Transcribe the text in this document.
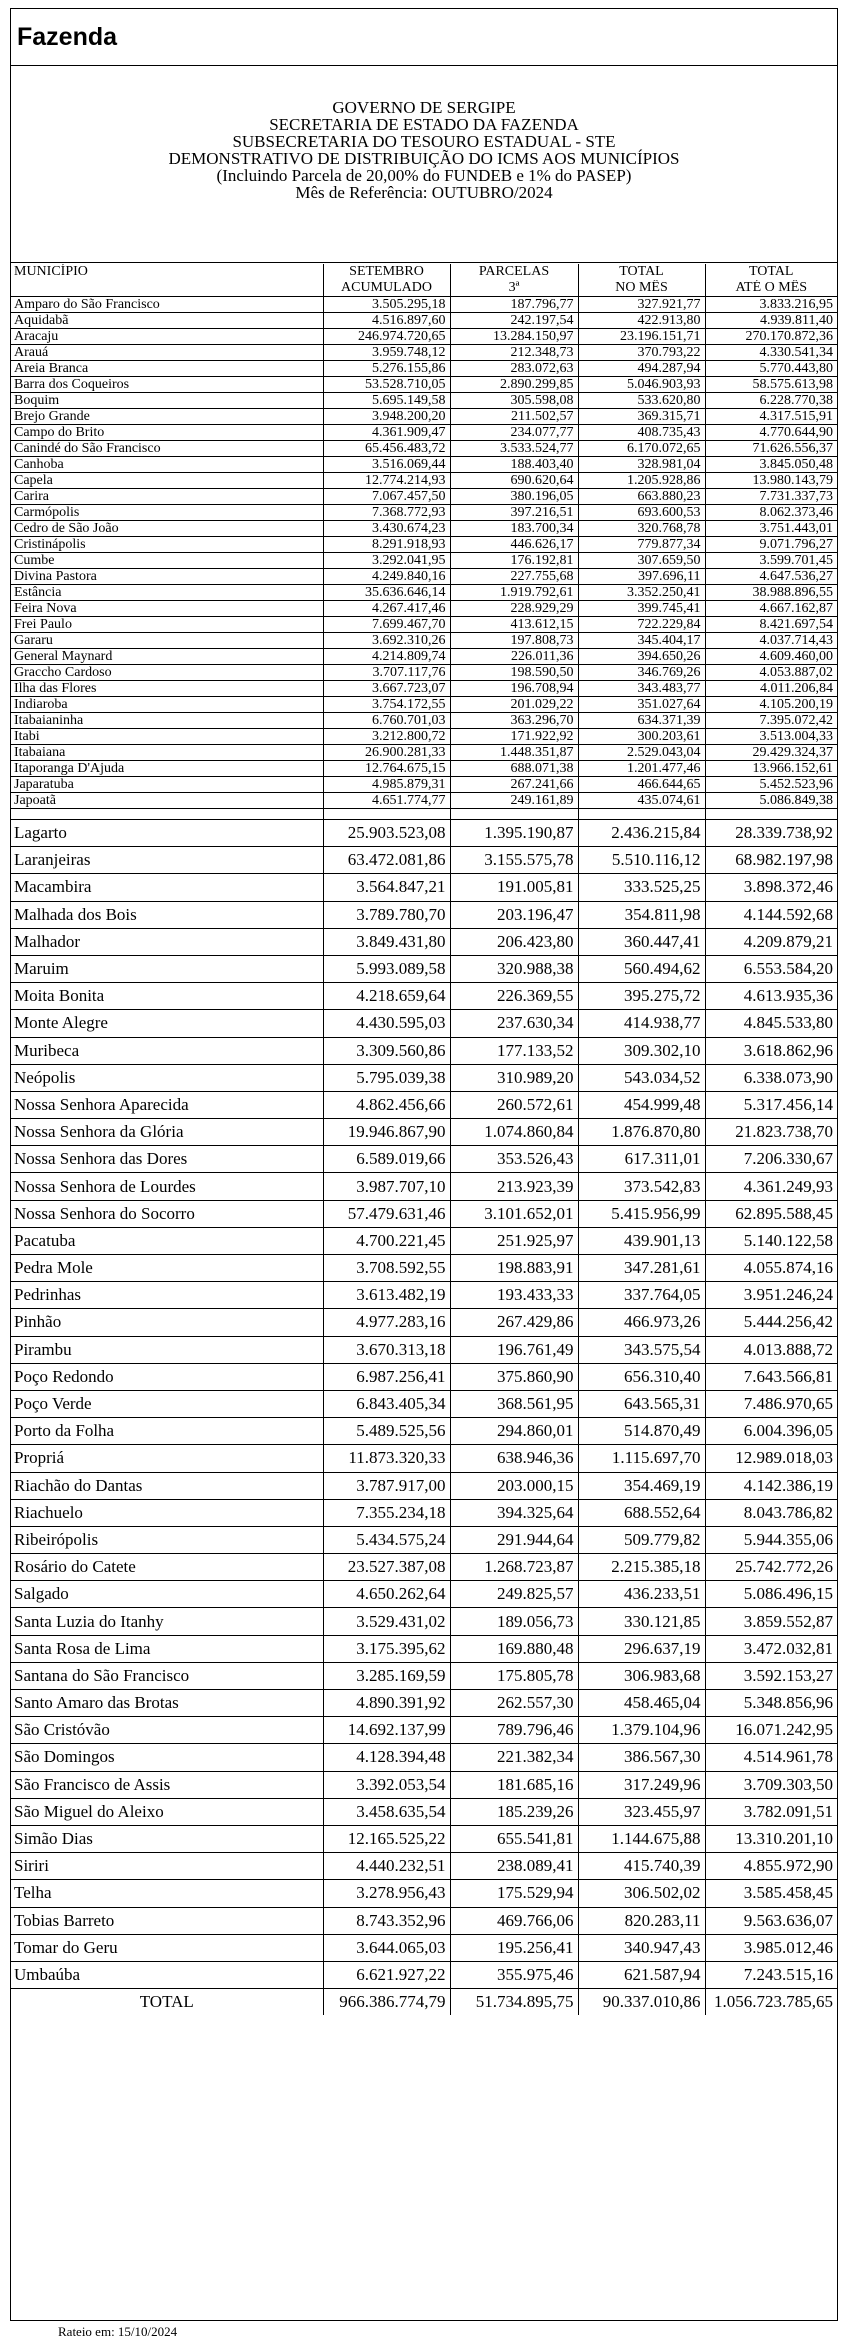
Fazenda
GOVERNO DE SERGIPE
SECRETARIA DE ESTADO DA FAZENDA
SUBSECRETARIA DO TESOURO ESTADUAL - STE
DEMONSTRATIVO DE DISTRIBUIÇÃO DO ICMS AOS MUNICÍPIOS
(Incluindo Parcela de 20,00% do FUNDEB e 1% do PASEP)
Mês de Referência: OUTUBRO/2024
MUNICÍPIO	SETEMBRO	PARCELAS	TOTAL	TOTAL
	ACUMULADO	3ª	NO MÊS	ATÉ O MÊS
Amparo do São Francisco	3.505.295,18	187.796,77	327.921,77	3.833.216,95
Aquidabã	4.516.897,60	242.197,54	422.913,80	4.939.811,40
Aracaju	246.974.720,65	13.284.150,97	23.196.151,71	270.170.872,36
Arauá	3.959.748,12	212.348,73	370.793,22	4.330.541,34
Areia Branca	5.276.155,86	283.072,63	494.287,94	5.770.443,80
Barra dos Coqueiros	53.528.710,05	2.890.299,85	5.046.903,93	58.575.613,98
Boquim	5.695.149,58	305.598,08	533.620,80	6.228.770,38
Brejo Grande	3.948.200,20	211.502,57	369.315,71	4.317.515,91
Campo do Brito	4.361.909,47	234.077,77	408.735,43	4.770.644,90
Canindé do São Francisco	65.456.483,72	3.533.524,77	6.170.072,65	71.626.556,37
Canhoba	3.516.069,44	188.403,40	328.981,04	3.845.050,48
Capela	12.774.214,93	690.620,64	1.205.928,86	13.980.143,79
Carira	7.067.457,50	380.196,05	663.880,23	7.731.337,73
Carmópolis	7.368.772,93	397.216,51	693.600,53	8.062.373,46
Cedro de São João	3.430.674,23	183.700,34	320.768,78	3.751.443,01
Cristinápolis	8.291.918,93	446.626,17	779.877,34	9.071.796,27
Cumbe	3.292.041,95	176.192,81	307.659,50	3.599.701,45
Divina Pastora	4.249.840,16	227.755,68	397.696,11	4.647.536,27
Estância	35.636.646,14	1.919.792,61	3.352.250,41	38.988.896,55
Feira Nova	4.267.417,46	228.929,29	399.745,41	4.667.162,87
Frei Paulo	7.699.467,70	413.612,15	722.229,84	8.421.697,54
Gararu	3.692.310,26	197.808,73	345.404,17	4.037.714,43
General Maynard	4.214.809,74	226.011,36	394.650,26	4.609.460,00
Graccho Cardoso	3.707.117,76	198.590,50	346.769,26	4.053.887,02
Ilha das Flores	3.667.723,07	196.708,94	343.483,77	4.011.206,84
Indiaroba	3.754.172,55	201.029,22	351.027,64	4.105.200,19
Itabaianinha	6.760.701,03	363.296,70	634.371,39	7.395.072,42
Itabi	3.212.800,72	171.922,92	300.203,61	3.513.004,33
Itabaiana	26.900.281,33	1.448.351,87	2.529.043,04	29.429.324,37
Itaporanga D'Ajuda	12.764.675,15	688.071,38	1.201.477,46	13.966.152,61
Japaratuba	4.985.879,31	267.241,66	466.644,65	5.452.523,96
Japoatã	4.651.774,77	249.161,89	435.074,61	5.086.849,38

Lagarto	25.903.523,08	1.395.190,87	2.436.215,84	28.339.738,92
Laranjeiras	63.472.081,86	3.155.575,78	5.510.116,12	68.982.197,98
Macambira	3.564.847,21	191.005,81	333.525,25	3.898.372,46
Malhada dos Bois	3.789.780,70	203.196,47	354.811,98	4.144.592,68
Malhador	3.849.431,80	206.423,80	360.447,41	4.209.879,21
Maruim	5.993.089,58	320.988,38	560.494,62	6.553.584,20
Moita Bonita	4.218.659,64	226.369,55	395.275,72	4.613.935,36
Monte Alegre	4.430.595,03	237.630,34	414.938,77	4.845.533,80
Muribeca	3.309.560,86	177.133,52	309.302,10	3.618.862,96
Neópolis	5.795.039,38	310.989,20	543.034,52	6.338.073,90
Nossa Senhora Aparecida	4.862.456,66	260.572,61	454.999,48	5.317.456,14
Nossa Senhora da Glória	19.946.867,90	1.074.860,84	1.876.870,80	21.823.738,70
Nossa Senhora das Dores	6.589.019,66	353.526,43	617.311,01	7.206.330,67
Nossa Senhora de Lourdes	3.987.707,10	213.923,39	373.542,83	4.361.249,93
Nossa Senhora do Socorro	57.479.631,46	3.101.652,01	5.415.956,99	62.895.588,45
Pacatuba	4.700.221,45	251.925,97	439.901,13	5.140.122,58
Pedra Mole	3.708.592,55	198.883,91	347.281,61	4.055.874,16
Pedrinhas	3.613.482,19	193.433,33	337.764,05	3.951.246,24
Pinhão	4.977.283,16	267.429,86	466.973,26	5.444.256,42
Pirambu	3.670.313,18	196.761,49	343.575,54	4.013.888,72
Poço Redondo	6.987.256,41	375.860,90	656.310,40	7.643.566,81
Poço Verde	6.843.405,34	368.561,95	643.565,31	7.486.970,65
Porto da Folha	5.489.525,56	294.860,01	514.870,49	6.004.396,05
Propriá	11.873.320,33	638.946,36	1.115.697,70	12.989.018,03
Riachão do Dantas	3.787.917,00	203.000,15	354.469,19	4.142.386,19
Riachuelo	7.355.234,18	394.325,64	688.552,64	8.043.786,82
Ribeirópolis	5.434.575,24	291.944,64	509.779,82	5.944.355,06
Rosário do Catete	23.527.387,08	1.268.723,87	2.215.385,18	25.742.772,26
Salgado	4.650.262,64	249.825,57	436.233,51	5.086.496,15
Santa Luzia do Itanhy	3.529.431,02	189.056,73	330.121,85	3.859.552,87
Santa Rosa de Lima	3.175.395,62	169.880,48	296.637,19	3.472.032,81
Santana do São Francisco	3.285.169,59	175.805,78	306.983,68	3.592.153,27
Santo Amaro das Brotas	4.890.391,92	262.557,30	458.465,04	5.348.856,96
São Cristóvão	14.692.137,99	789.796,46	1.379.104,96	16.071.242,95
São Domingos	4.128.394,48	221.382,34	386.567,30	4.514.961,78
São Francisco de Assis	3.392.053,54	181.685,16	317.249,96	3.709.303,50
São Miguel do Aleixo	3.458.635,54	185.239,26	323.455,97	3.782.091,51
Simão Dias	12.165.525,22	655.541,81	1.144.675,88	13.310.201,10
Siriri	4.440.232,51	238.089,41	415.740,39	4.855.972,90
Telha	3.278.956,43	175.529,94	306.502,02	3.585.458,45
Tobias Barreto	8.743.352,96	469.766,06	820.283,11	9.563.636,07
Tomar do Geru	3.644.065,03	195.256,41	340.947,43	3.985.012,46
Umbaúba	6.621.927,22	355.975,46	621.587,94	7.243.515,16
TOTAL	966.386.774,79	51.734.895,75	90.337.010,86	1.056.723.785,65
Rateio em: 15/10/2024
